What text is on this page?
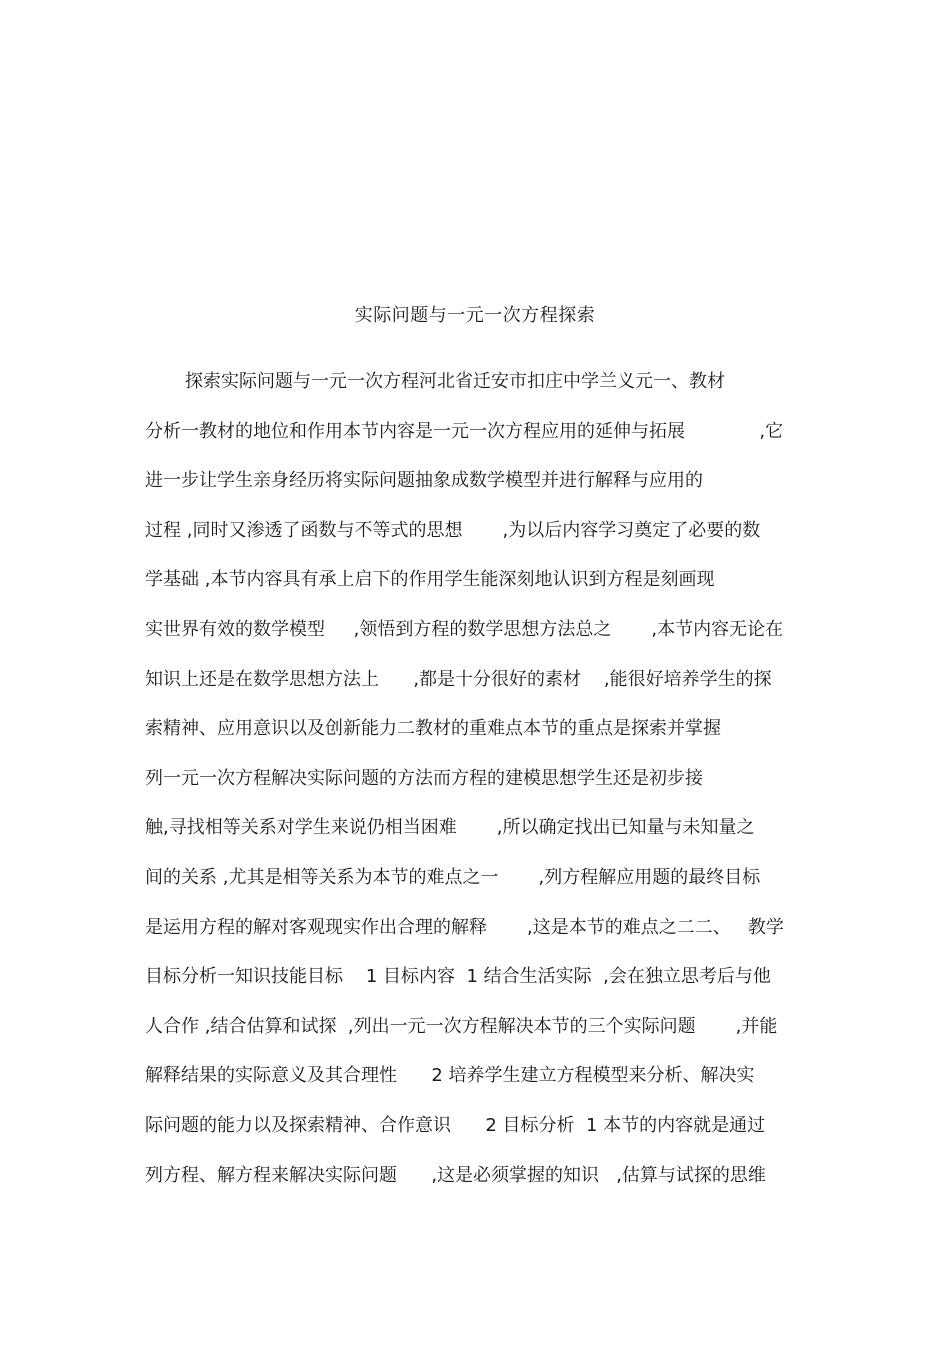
实际问题与一元一次方程探索
探索实际问题与一元一次方程河北省迁安市扣庄中学兰义元一、教材
分析一教材的地位和作用本节内容是一元一次方程应用的延伸与拓展             ,它
进一步让学生亲身经历将实际问题抽象成数学模型并进行解释与应用的
过程 ,同时又渗透了函数与不等式的思想       ,为以后内容学习奠定了必要的数
学基础 ,本节内容具有承上启下的作用学生能深刻地认识到方程是刻画现
实世界有效的数学模型     ,领悟到方程的数学思想方法总之       ,本节内容无论在
知识上还是在数学思想方法上      ,都是十分很好的素材    ,能很好培养学生的探
索精神、应用意识以及创新能力二教材的重难点本节的重点是探索并掌握
列一元一次方程解决实际问题的方法而方程的建模思想学生还是初步接
触,寻找相等关系对学生来说仍相当困难       ,所以确定找出已知量与未知量之
间的关系 ,尤其是相等关系为本节的难点之一       ,列方程解应用题的最终目标
是运用方程的解对客观现实作出合理的解释       ,这是本节的难点之二二、   教学
目标分析一知识技能目标    1 目标内容  1 结合生活实际  ,会在独立思考后与他
人合作 ,结合估算和试探  ,列出一元一次方程解决本节的三个实际问题       ,并能
解释结果的实际意义及其合理性      2 培养学生建立方程模型来分析、解决实
际问题的能力以及探索精神、合作意识      2 目标分析  1 本节的内容就是通过
列方程、解方程来解决实际问题      ,这是必须掌握的知识   ,估算与试探的思维
